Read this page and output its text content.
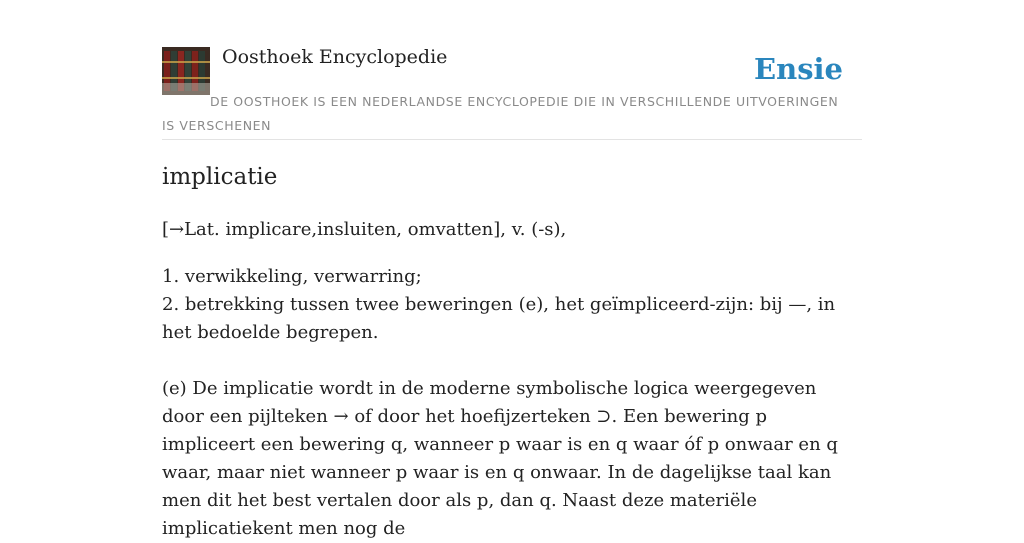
Oosthoek Encyclopedie	Ensie
DE OOSTHOEK IS EEN NEDERLANDSE ENCYCLOPEDIE DIE IN VERSCHILLENDE UITVOERINGEN IS VERSCHENEN
implicatie
[→Lat. implicare,insluiten, omvatten], v. (-s),
1. verwikkeling, verwarring;
2. betrekking tussen twee beweringen (e), het geïmpliceerd-zijn: bij —, in het bedoelde begrepen.

(e) De implicatie wordt in de moderne symbolische logica weergegeven door een pijlteken → of door het hoefijzerteken ⊃. Een bewering p impliceert een bewering q, wanneer p waar is en q waar óf p onwaar en q waar, maar niet wanneer p waar is en q onwaar. In de dagelijkse taal kan men dit het best vertalen door als p, dan q. Naast deze materiële implicatiekent men nog de
